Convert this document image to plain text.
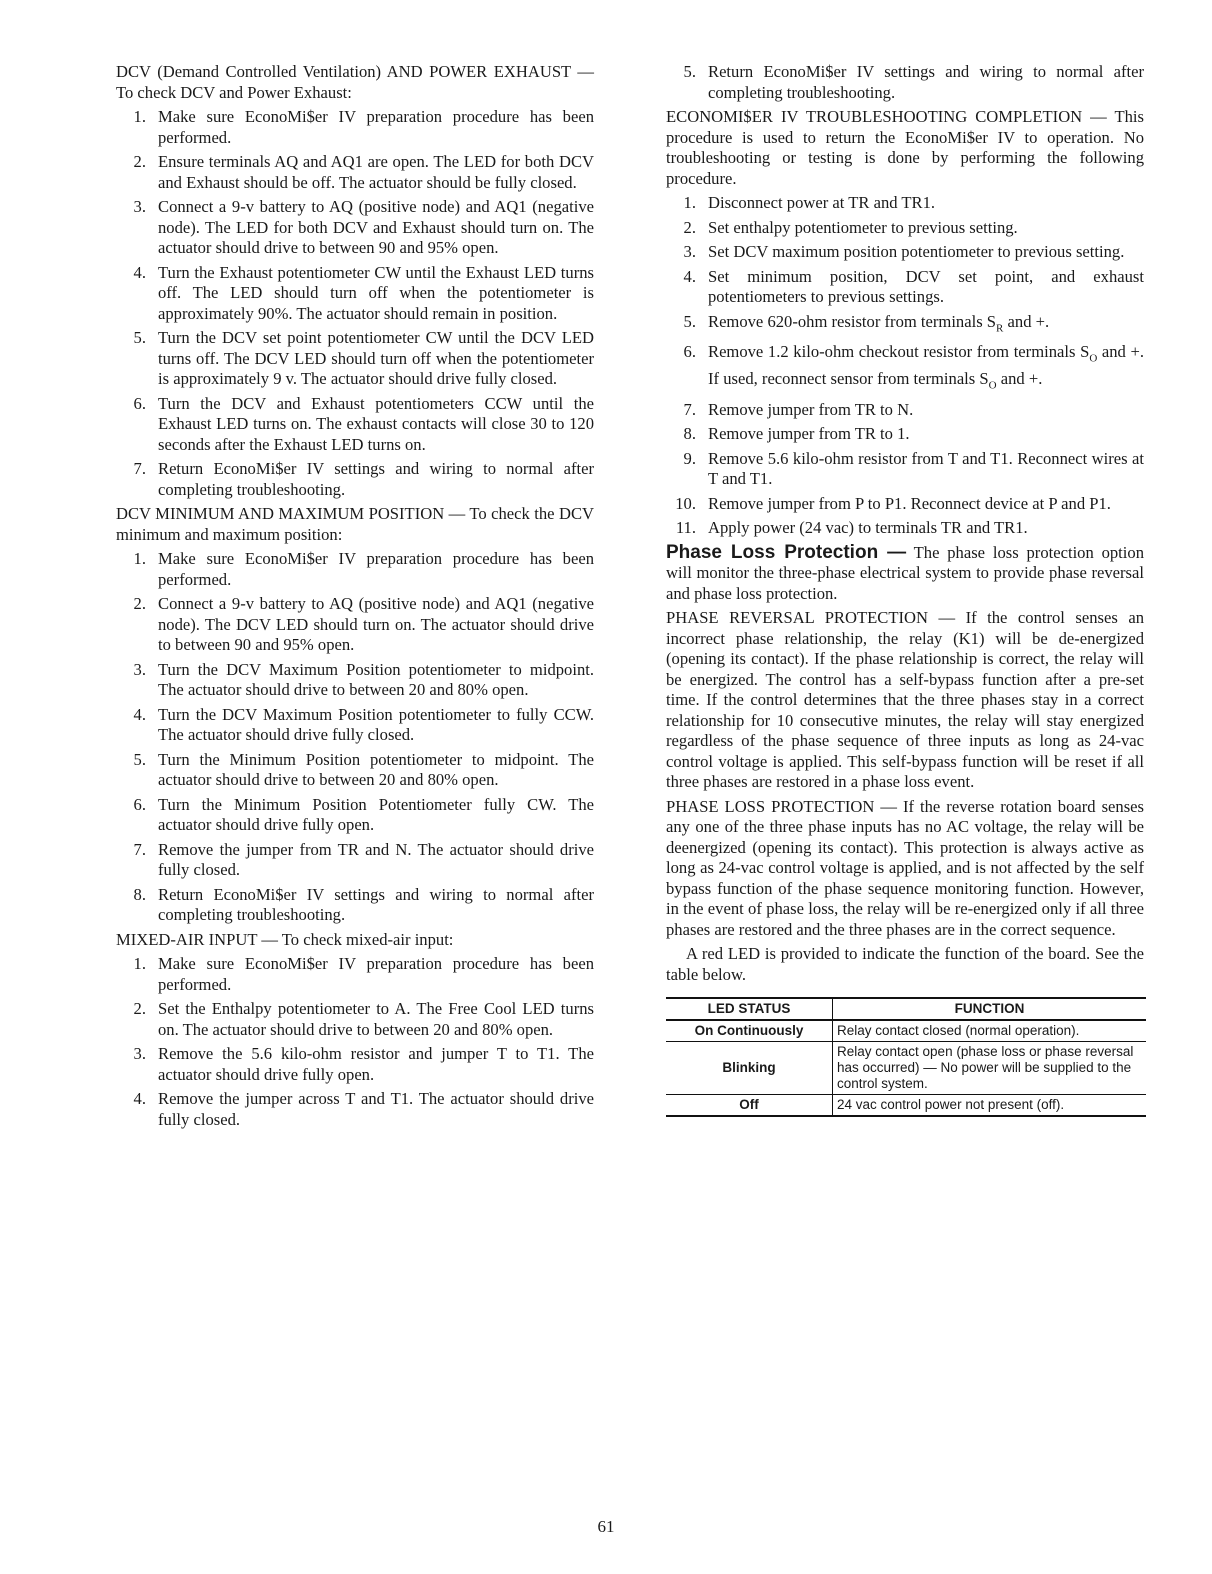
DCV (Demand Controlled Ventilation) AND POWER EXHAUST — To check DCV and Power Exhaust:

1. Make sure EconoMi$er IV preparation procedure has been performed.
2. Ensure terminals AQ and AQ1 are open. The LED for both DCV and Exhaust should be off. The actuator should be fully closed.
3. Connect a 9-v battery to AQ (positive node) and AQ1 (negative node). The LED for both DCV and Exhaust should turn on. The actuator should drive to between 90 and 95% open.
4. Turn the Exhaust potentiometer CW until the Exhaust LED turns off. The LED should turn off when the potentiometer is approximately 90%. The actuator should remain in position.
5. Turn the DCV set point potentiometer CW until the DCV LED turns off. The DCV LED should turn off when the potentiometer is approximately 9 v. The actuator should drive fully closed.
6. Turn the DCV and Exhaust potentiometers CCW until the Exhaust LED turns on. The exhaust contacts will close 30 to 120 seconds after the Exhaust LED turns on.
7. Return EconoMi$er IV settings and wiring to normal after completing troubleshooting.

DCV MINIMUM AND MAXIMUM POSITION — To check the DCV minimum and maximum position:

1. Make sure EconoMi$er IV preparation procedure has been performed.
2. Connect a 9-v battery to AQ (positive node) and AQ1 (negative node). The DCV LED should turn on. The actuator should drive to between 90 and 95% open.
3. Turn the DCV Maximum Position potentiometer to midpoint. The actuator should drive to between 20 and 80% open.
4. Turn the DCV Maximum Position potentiometer to fully CCW. The actuator should drive fully closed.
5. Turn the Minimum Position potentiometer to midpoint. The actuator should drive to between 20 and 80% open.
6. Turn the Minimum Position Potentiometer fully CW. The actuator should drive fully open.
7. Remove the jumper from TR and N. The actuator should drive fully closed.
8. Return EconoMi$er IV settings and wiring to normal after completing troubleshooting.

MIXED-AIR INPUT — To check mixed-air input:

1. Make sure EconoMi$er IV preparation procedure has been performed.
2. Set the Enthalpy potentiometer to A. The Free Cool LED turns on. The actuator should drive to between 20 and 80% open.
3. Remove the 5.6 kilo-ohm resistor and jumper T to T1. The actuator should drive fully open.
4. Remove the jumper across T and T1. The actuator should drive fully closed.
5. Return EconoMi$er IV settings and wiring to normal after completing troubleshooting.

ECONOMI$ER IV TROUBLESHOOTING COMPLETION — This procedure is used to return the EconoMi$er IV to operation. No troubleshooting or testing is done by performing the following procedure.

1. Disconnect power at TR and TR1.
2. Set enthalpy potentiometer to previous setting.
3. Set DCV maximum position potentiometer to previous setting.
4. Set minimum position, DCV set point, and exhaust potentiometers to previous settings.
5. Remove 620-ohm resistor from terminals $S_R$ and +.
6. Remove 1.2 kilo-ohm checkout resistor from terminals $S_O$ and +. If used, reconnect sensor from terminals $S_O$ and +.
7. Remove jumper from TR to N.
8. Remove jumper from TR to 1.
9. Remove 5.6 kilo-ohm resistor from T and T1. Reconnect wires at T and T1.
10. Remove jumper from P to P1. Reconnect device at P and P1.
11. Apply power (24 vac) to terminals TR and TR1.

Phase Loss Protection — The phase loss protection option will monitor the three-phase electrical system to provide phase reversal and phase loss protection.

PHASE REVERSAL PROTECTION — If the control senses an incorrect phase relationship, the relay (K1) will be de-energized (opening its contact). If the phase relationship is correct, the relay will be energized. The control has a self-bypass function after a pre-set time. If the control determines that the three phases stay in a correct relationship for 10 consecutive minutes, the relay will stay energized regardless of the phase sequence of three inputs as long as 24-vac control voltage is applied. This self-bypass function will be reset if all three phases are restored in a phase loss event.

PHASE LOSS PROTECTION — If the reverse rotation board senses any one of the three phase inputs has no AC voltage, the relay will be deenergized (opening its contact). This protection is always active as long as 24-vac control voltage is applied, and is not affected by the self bypass function of the phase sequence monitoring function. However, in the event of phase loss, the relay will be re-energized only if all three phases are restored and the three phases are in the correct sequence.

A red LED is provided to indicate the function of the board. See the table below.

LED STATUS	FUNCTION
On Continuously	Relay contact closed (normal operation).
Blinking	Relay contact open (phase loss or phase reversal has occurred) — No power will be supplied to the control system.
Off	24 vac control power not present (off).
61
